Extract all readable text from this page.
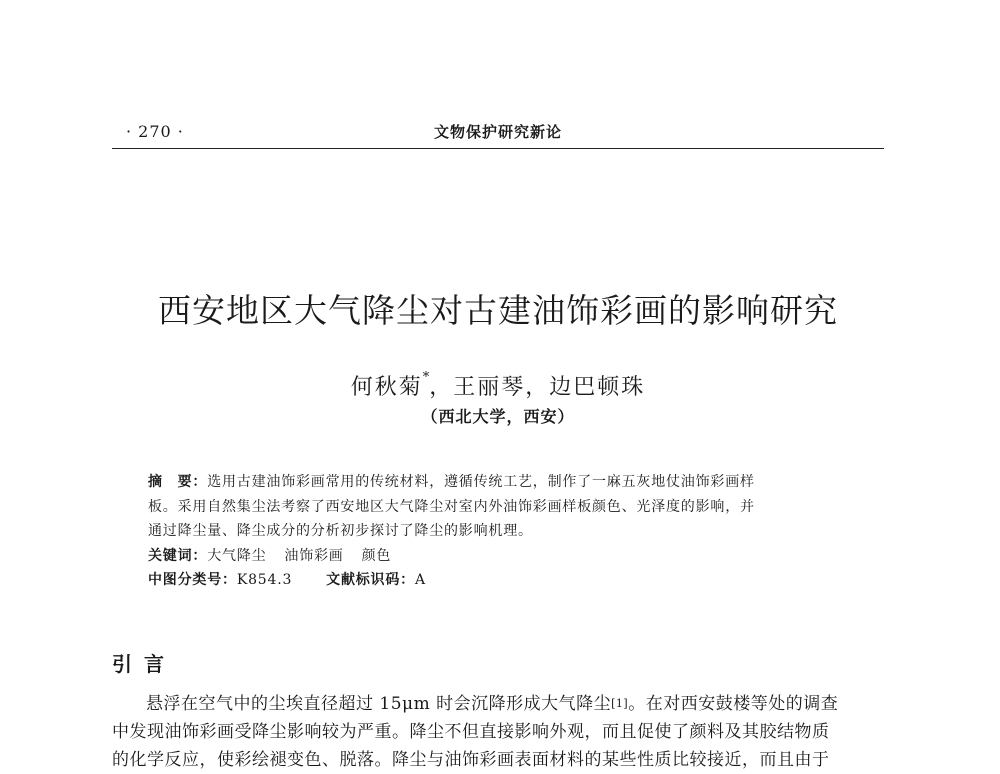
· 270 ·	文物保护研究新论
西安地区大气降尘对古建油饰彩画的影响研究
何秋菊*，王丽琴，边巴顿珠
（西北大学，西安）
摘　要：选用古建油饰彩画常用的传统材料，遵循传统工艺，制作了一麻五灰地仗油饰彩画样
板。采用自然集尘法考察了西安地区大气降尘对室内外油饰彩画样板颜色、光泽度的影响，并
通过降尘量、降尘成分的分析初步探讨了降尘的影响机理。
关键词：大气降尘 油饰彩画 颜色
中图分类号：K854.3 文献标识码：A
引言
悬浮在空气中的尘埃直径超过 15μm 时会沉降形成大气降尘[1]。在对西安鼓楼等处的调查
中发现油饰彩画受降尘影响较为严重。降尘不但直接影响外观，而且促使了颜料及其胶结物质
的化学反应，使彩绘褪变色、脱落。降尘与油饰彩画表面材料的某些性质比较接近，而且由于
